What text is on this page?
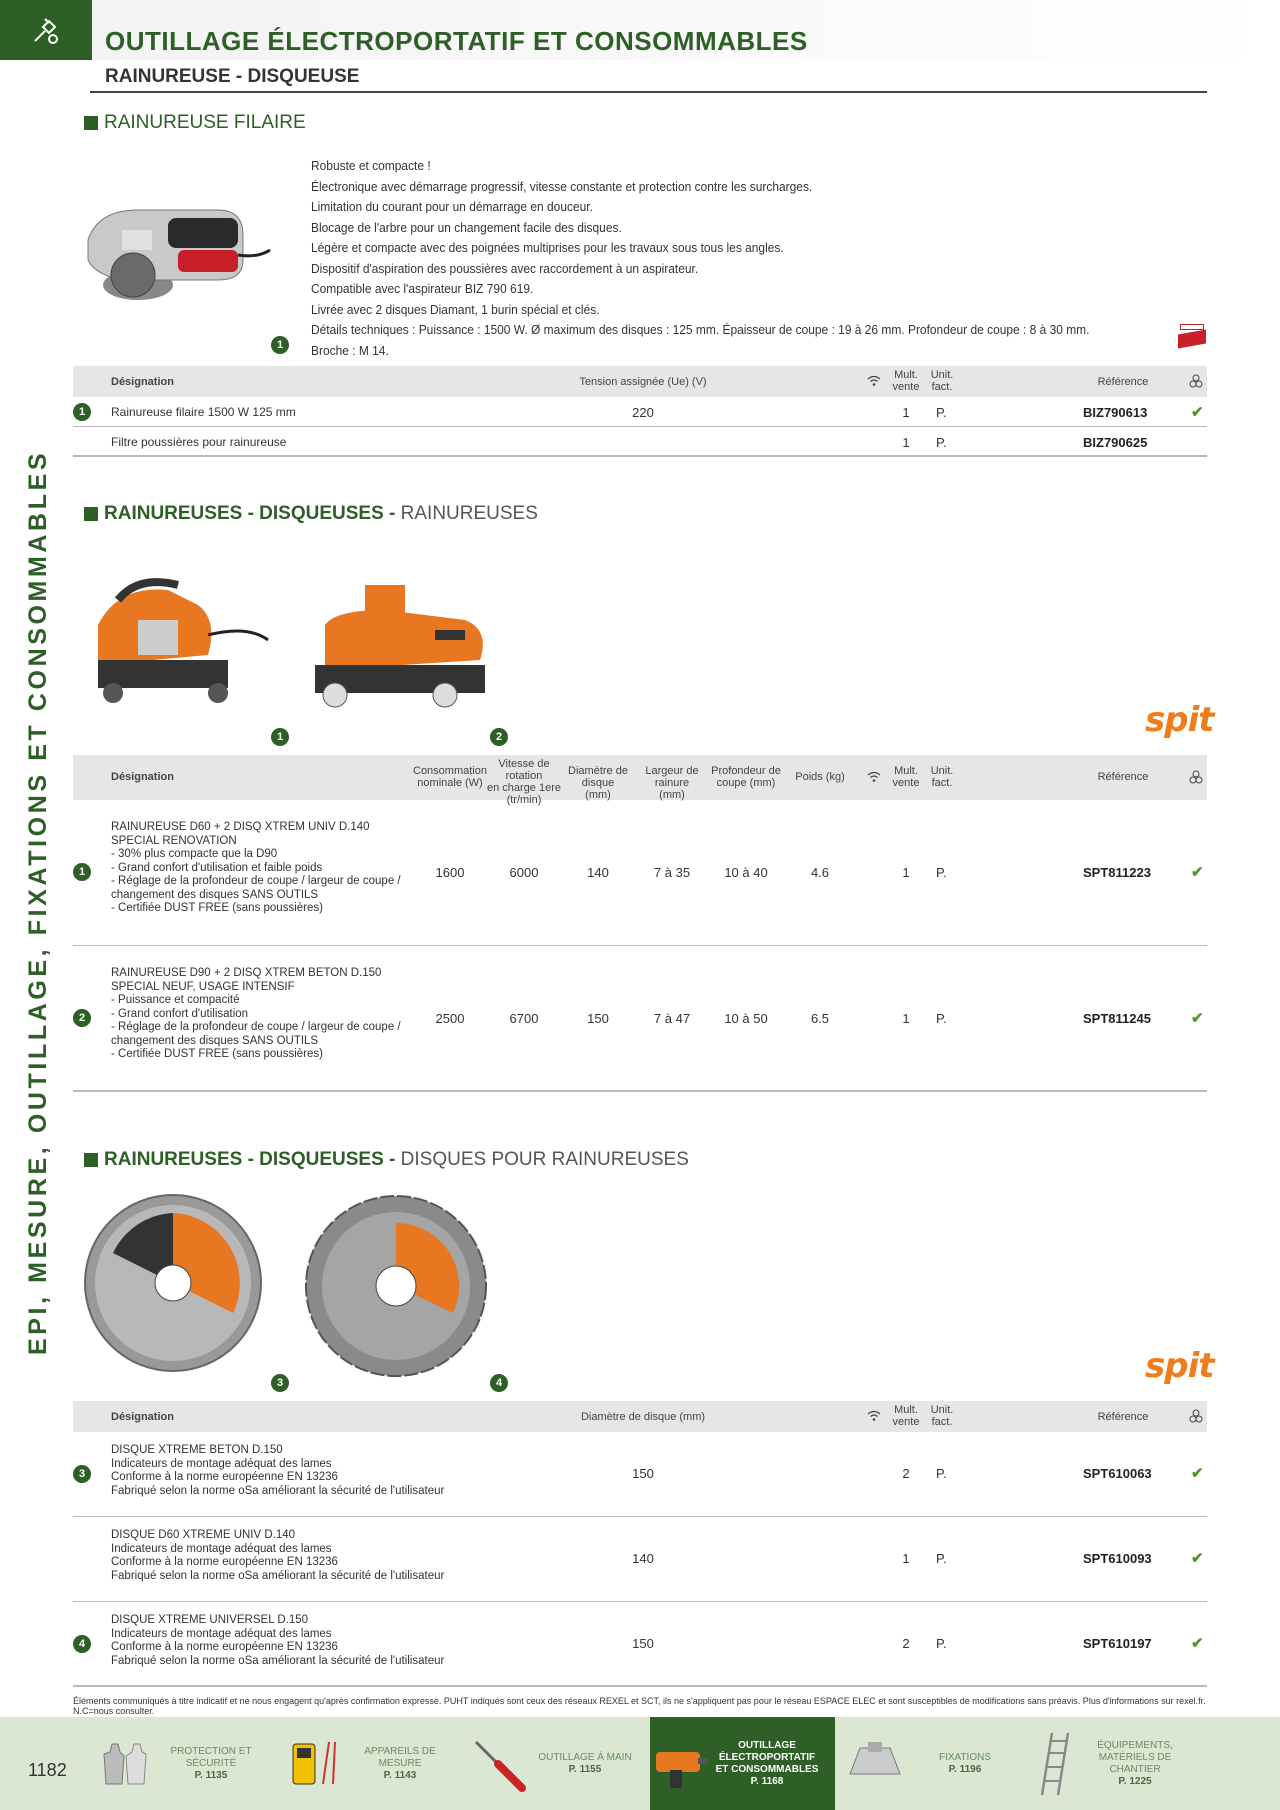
OUTILLAGE ÉLECTROPORTATIF ET CONSOMMABLES
RAINUREUSE - DISQUEUSE
EPI, MESURE, OUTILLAGE, FIXATIONS ET CONSOMMABLES
RAINUREUSE FILAIRE
1
Robuste et compacte !
Électronique avec démarrage progressif, vitesse constante et protection contre les surcharges.
Limitation du courant pour un démarrage en douceur.
Blocage de l'arbre pour un changement facile des disques.
Légère et compacte avec des poignées multiprises pour les travaux sous tous les angles.
Dispositif d'aspiration des poussières avec raccordement à un aspirateur.
Compatible avec l'aspirateur BIZ 790 619.
Livrée avec 2 disques Diamant, 1 burin spécial et clés.
Détails techniques : Puissance : 1500 W. Ø maximum des disques : 125 mm. Épaisseur de coupe : 19 à 26 mm. Profondeur de coupe : 8 à 30 mm.
Broche : M 14.
Désignation	Tension assignée (Ue) (V)
Mult.
vente
Unit.
fact.	Référence
1	Rainureuse filaire 1500 W 125 mm	220	1	P.	BIZ790613	✔
Filtre poussières pour rainureuse	1	P.	BIZ790625
RAINUREUSES - DISQUEUSES - RAINUREUSES
1	2	spit
Désignation	Consommation
nominale (W)
Vitesse de rotation
en charge 1ere
(tr/min)
Diamètre de disque
(mm)
Largeur de rainure
(mm)
Profondeur de
coupe (mm)	Poids (kg)	Mult.
vente
Unit.
fact.	Référence
1
RAINUREUSE D60 + 2 DISQ XTREM UNIV D.140
SPECIAL RENOVATION
- 30% plus compacte que la D90
- Grand confort d'utilisation et faible poids
- Réglage de la profondeur de coupe / largeur de coupe /
changement des disques SANS OUTILS
- Certifiée DUST FREE (sans poussières)
1600	6000	140	7 à 35	10 à 40	4.6	1	P.	SPT811223	✔
2
RAINUREUSE D90 + 2 DISQ XTREM BETON D.150
SPECIAL NEUF, USAGE INTENSIF
- Puissance et compacité
- Grand confort d'utilisation
- Réglage de la profondeur de coupe / largeur de coupe /
changement des disques SANS OUTILS
- Certifiée DUST FREE (sans poussières)
2500	6700	150	7 à 47	10 à 50	6.5	1	P.	SPT811245	✔
RAINUREUSES - DISQUEUSES - DISQUES POUR RAINUREUSES
3	4	spit
Désignation	Diamètre de disque (mm)
Mult.
vente
Unit.
fact.	Référence
3
DISQUE XTREME BETON D.150
Indicateurs de montage adéquat des lames
Conforme à la norme européenne EN 13236
Fabriqué selon la norme oSa améliorant la sécurité de l'utilisateur
150	2	P.	SPT610063	✔
DISQUE D60 XTREME UNIV D.140
Indicateurs de montage adéquat des lames
Conforme à la norme européenne EN 13236
Fabriqué selon la norme oSa améliorant la sécurité de l'utilisateur
140	1	P.	SPT610093	✔
4
DISQUE XTREME UNIVERSEL D.150
Indicateurs de montage adéquat des lames
Conforme à la norme européenne EN 13236
Fabriqué selon la norme oSa améliorant la sécurité de l'utilisateur
150	2	P.	SPT610197	✔
Éléments communiqués à titre indicatif et ne nous engagent qu'après confirmation expresse. PUHT indiqués sont ceux des réseaux REXEL et SCT, ils ne s'appliquent pas pour le réseau ESPACE ELEC et sont susceptibles de modifications sans préavis. Plus d'informations sur rexel.fr. N.C=nous consulter.
PROTECTION ET SÉCURITÉ
P. 1135
APPAREILS DE MESURE
P. 1143
OUTILLAGE À MAIN
P. 1155
OUTILLAGE ÉLECTROPORTATIF ET CONSOMMABLES
P. 1168
FIXATIONS
P. 1196
ÉQUIPEMENTS, MATÉRIELS DE CHANTIER
P. 1225
1182
